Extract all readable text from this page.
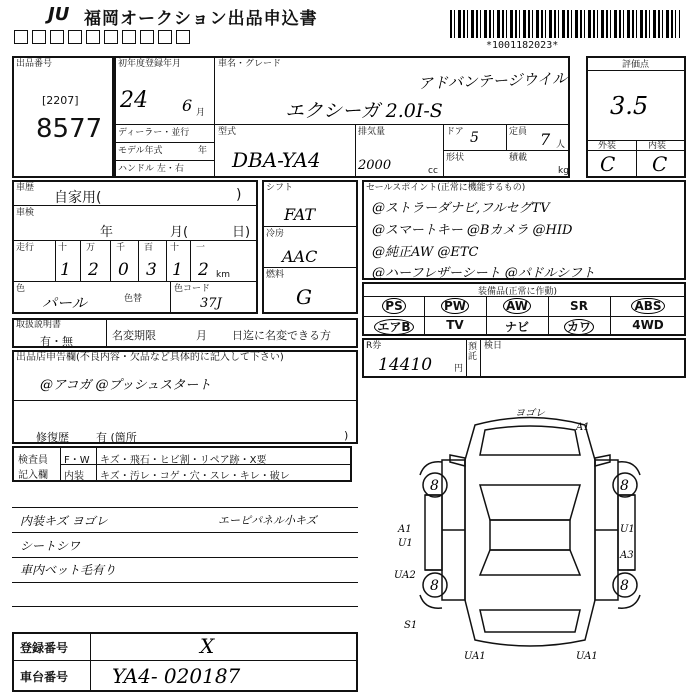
JU 福岡オークション出品申込書
*1001182023*
出品番号
[2207]
8577
初年度登録年月
24 6 月
ディーラー・並行
モデル年式	年
ハンドル 左・右
車名・グレード
アドバンテージウイル
エクシーガ 2.0I-S
型式
DBA-YA4
排気量
2000	cc
ドア 5	定員 7 人
形状	積載
kg
評価点
3.5
外装	内装
C C
車歴
自家用(	)
車検
年	月(	日)
走行	十 万 千 百 十 一
1 2 0 3 1 2 km
色
パール	色替
色コード
37J
シフト
FAT
冷房
AAC
燃料
G
セールスポイント(正常に機能するもの)
@ストラーダナビ,フルセグTV
@スマートキー @Bカメラ @HID
@純正AW @ETC
@ハーフレザーシート @パドルシフト
装備品(正常に作動)
PS	PW	AW	SR	ABS
エアB	TV	ナビ	カワ	4WD
取扱説明書
有・無	名変期限	月 日迄に名変できる方
R券
14410 円
預託
検日
出品店申告欄(不良内容・欠品など具体的に記入して下さい)
@アコガ @プッシュスタート
修復歴 有 (箇所	)
検査員
記入欄
F・W キズ・飛石・ヒビ割・リペア跡・X要
内装 キズ・汚レ・コゲ・穴・スレ・キレ・破レ
内装キズ ヨゴレ	エーピパネル小キズ
シートシワ
車内ベット毛有り
ヨゴレ
A1
A1
U1
U1
A3
UA2
S1
UA1	UA1
8	8
8	8
登録番号	X
車台番号 YA4- 020187
